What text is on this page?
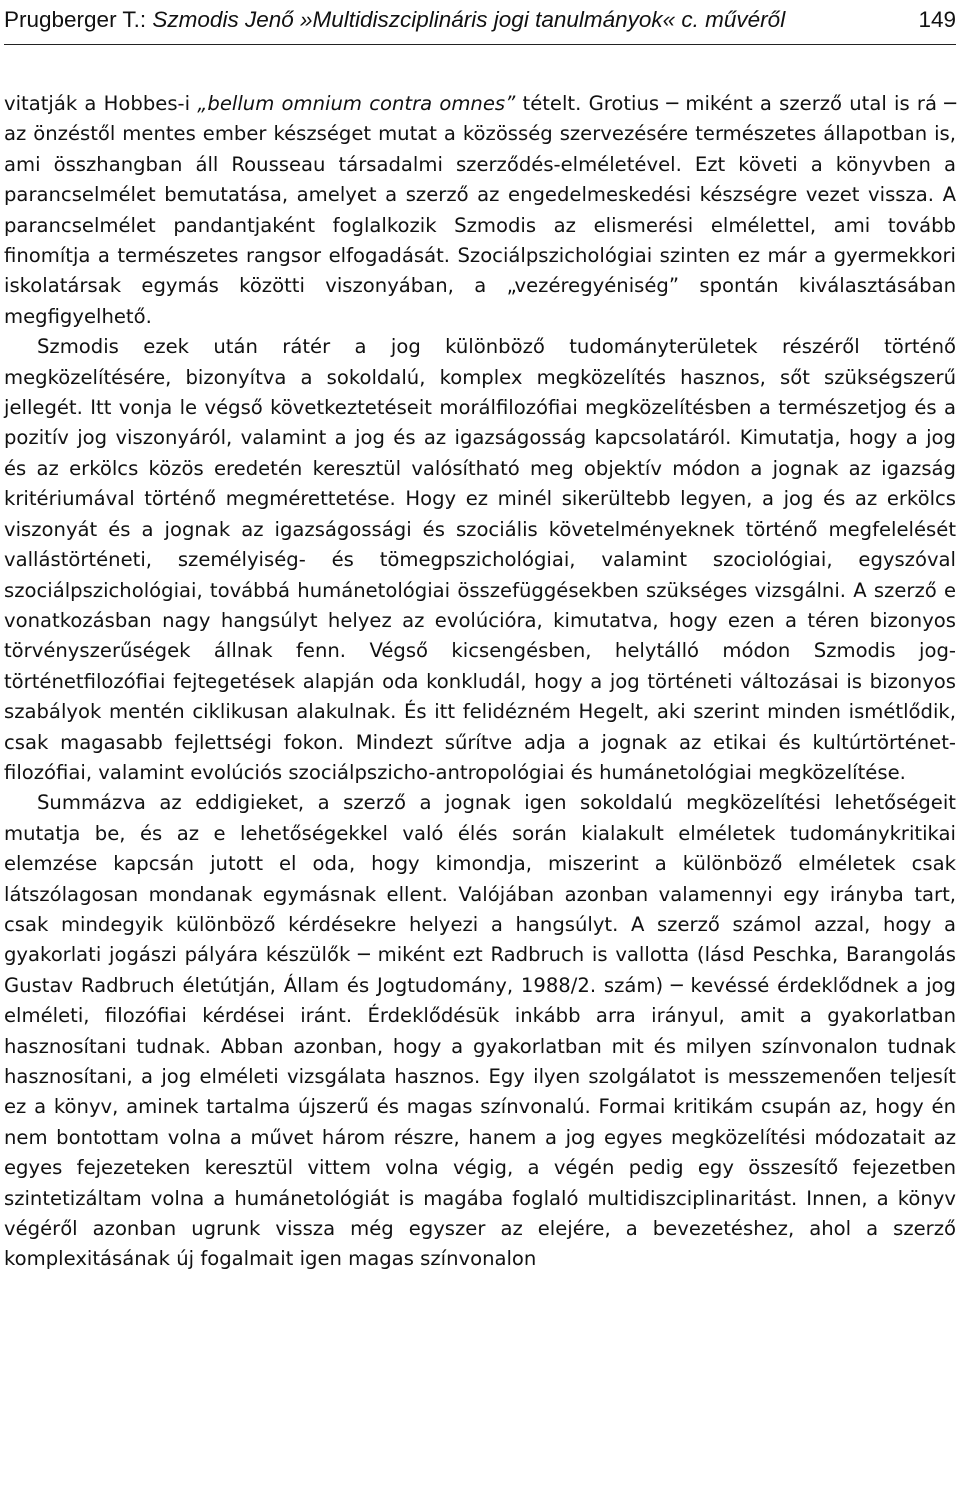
Prugberger T.: Szmodis Jenő »Multidiszciplináris jogi tanulmányok« c. művéről	149

vitatják a Hobbes-i „bellum omnium contra omnes” tételt. Grotius ─ miként a szerző utal is rá ─ az önzéstől mentes ember készséget mutat a közösség szervezésére természetes állapotban is, ami összhangban áll Rousseau társadalmi szerződés-elméletével. Ezt követi a könyvben a parancselmélet bemutatása, amelyet a szerző az engedelmeskedési készségre vezet vissza. A parancselmélet pandantjaként foglalkozik Szmodis az elismerési elmélettel, ami tovább finomítja a természetes rangsor elfogadását. Szociálpszichológiai szinten ez már a gyermekkori iskolatársak egymás közötti viszonyában, a „vezéregyéniség” spontán kiválasztásában megfigyelhető.

Szmodis ezek után rátér a jog különböző tudományterületek részéről történő megközelítésére, bizonyítva a sokoldalú, komplex megközelítés hasznos, sőt szükségszerű jellegét. Itt vonja le végső következtetéseit morálfilozófiai megközelítésben a természetjog és a pozitív jog viszonyáról, valamint a jog és az igazságosság kapcsolatáról. Kimutatja, hogy a jog és az erkölcs közös eredetén keresztül valósítható meg objektív módon a jognak az igazság kritériumával történő megmérettetése. Hogy ez minél sikerültebb legyen, a jog és az erkölcs viszonyát és a jognak az igazságossági és szociális követelményeknek történő megfelelését vallástörténeti, személyiség- és tömegpszichológiai, valamint szociológiai, egyszóval szociálpszichológiai, továbbá humánetológiai összefüggésekben szükséges vizsgálni. A szerző e vonatkozásban nagy hangsúlyt helyez az evolúcióra, kimutatva, hogy ezen a téren bizonyos törvényszerűségek állnak fenn. Végső kicsengésben, helytálló módon Szmodis jog-történetfilozófiai fejtegetések alapján oda konkludál, hogy a jog történeti változásai is bizonyos szabályok mentén ciklikusan alakulnak. És itt felidézném Hegelt, aki szerint minden ismétlődik, csak magasabb fejlettségi fokon. Mindezt sűrítve adja a jognak az etikai és kultúrtörténet-filozófiai, valamint evolúciós szociálpszicho-antropológiai és humánetológiai megközelítése.

Summázva az eddigieket, a szerző a jognak igen sokoldalú megközelítési lehetőségeit mutatja be, és az e lehetőségekkel való élés során kialakult elméletek tudománykritikai elemzése kapcsán jutott el oda, hogy kimondja, miszerint a különböző elméletek csak látszólagosan mondanak egymásnak ellent. Valójában azonban valamennyi egy irányba tart, csak mindegyik különböző kérdésekre helyezi a hangsúlyt. A szerző számol azzal, hogy a gyakorlati jogászi pályára készülők ─ miként ezt Radbruch is vallotta (lásd Peschka, Barangolás Gustav Radbruch életútján, Állam és Jogtudomány, 1988/2. szám) ─ kevéssé érdeklődnek a jog elméleti, filozófiai kérdései iránt. Érdeklődésük inkább arra irányul, amit a gyakorlatban hasznosítani tudnak. Abban azonban, hogy a gyakorlatban mit és milyen színvonalon tudnak hasznosítani, a jog elméleti vizsgálata hasznos. Egy ilyen szolgálatot is messzemenően teljesít ez a könyv, aminek tartalma újszerű és magas színvonalú. Formai kritikám csupán az, hogy én nem bontottam volna a művet három részre, hanem a jog egyes megközelítési módozatait az egyes fejezeteken keresztül vittem volna végig, a végén pedig egy összesítő fejezetben szintetizáltam volna a humánetológiát is magába foglaló multidiszciplinaritást. Innen, a könyv végéről azonban ugrunk vissza még egyszer az elejére, a bevezetéshez, ahol a szerző komplexitásának új fogalmait igen magas színvonalon
